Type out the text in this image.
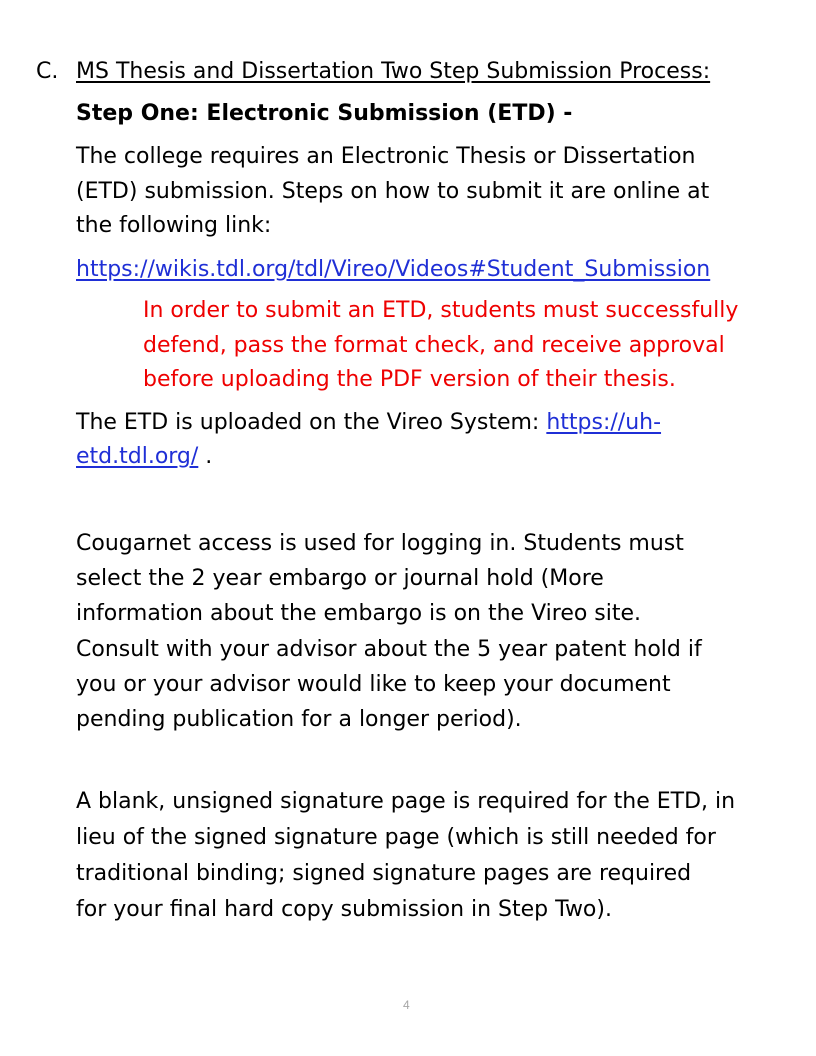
C. MS Thesis and Dissertation Two Step Submission Process:
Step One: Electronic Submission (ETD) -
The college requires an Electronic Thesis or Dissertation
(ETD) submission. Steps on how to submit it are online at
the following link:
https://wikis.tdl.org/tdl/Vireo/Videos#Student_Submission
In order to submit an ETD, students must successfully
defend, pass the format check, and receive approval
before uploading the PDF version of their thesis.
The ETD is uploaded on the Vireo System: https://uh-
etd.tdl.org/ .
Cougarnet access is used for logging in. Students must
select the 2 year embargo or journal hold (More
information about the embargo is on the Vireo site.
Consult with your advisor about the 5 year patent hold if
you or your advisor would like to keep your document
pending publication for a longer period).
A blank, unsigned signature page is required for the ETD, in
lieu of the signed signature page (which is still needed for
traditional binding; signed signature pages are required
for your final hard copy submission in Step Two).
4
